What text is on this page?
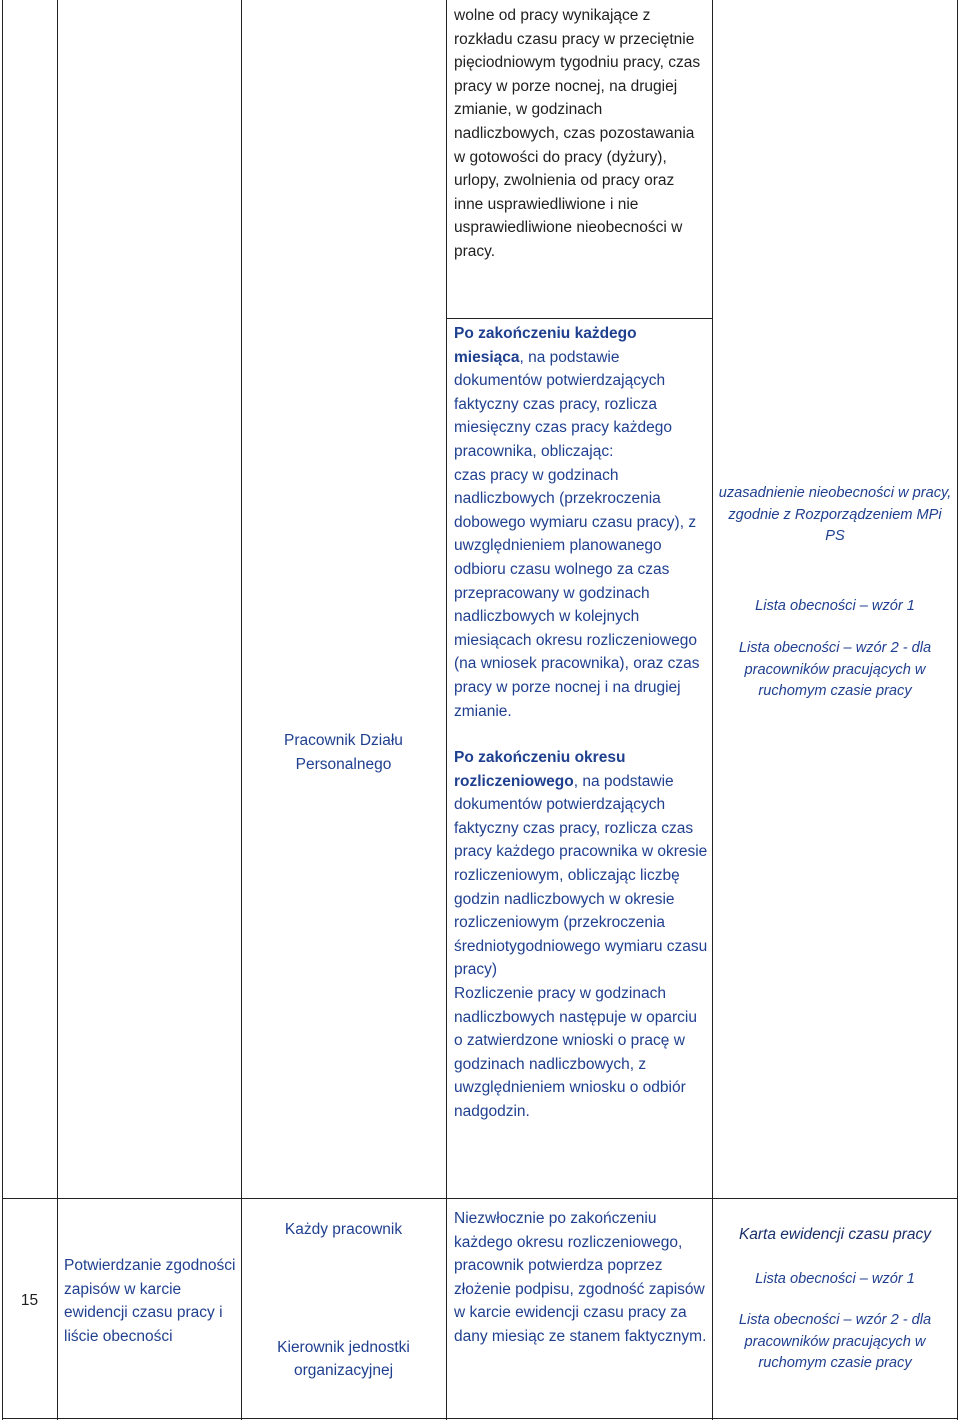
wolne od pracy wynikające z rozkładu czasu pracy w przeciętnie pięciodniowym tygodniu pracy, czas pracy w porze nocnej, na drugiej zmianie, w godzinach nadliczbowych, czas pozostawania w gotowości do pracy (dyżury), urlopy, zwolnienia od pracy oraz inne usprawiedliwione i nie usprawiedliwione nieobecności w pracy.

Pracownik Działu Personalnego

Po zakończeniu każdego miesiąca, na podstawie dokumentów potwierdzających faktyczny czas pracy, rozlicza miesięczny czas pracy każdego pracownika, obliczając:

czas pracy w godzinach nadliczbowych (przekroczenia dobowego wymiaru czasu pracy), z uwzględnieniem planowanego odbioru czasu wolnego za czas przepracowany w godzinach nadliczbowych w kolejnych miesiącach okresu rozliczeniowego (na wniosek pracownika), oraz czas pracy w porze nocnej i na drugiej zmianie.

Po zakończeniu okresu rozliczeniowego, na podstawie dokumentów potwierdzających faktyczny czas pracy, rozlicza czas pracy każdego pracownika w okresie rozliczeniowym, obliczając liczbę godzin nadliczbowych w okresie rozliczeniowym (przekroczenia średniotygodniowego wymiaru czasu pracy)

Rozliczenie pracy w godzinach nadliczbowych następuje w oparciu o zatwierdzone wnioski o pracę w godzinach nadliczbowych, z uwzględnieniem wniosku o odbiór nadgodzin.

uzasadnienie nieobecności w pracy, zgodnie z Rozporządzeniem MPi PS

Lista obecności – wzór 1

Lista obecności – wzór 2 - dla pracowników pracujących w ruchomym czasie pracy

15

Potwierdzanie zgodności zapisów w karcie ewidencji czasu pracy i liście obecności

Każdy pracownik

Kierownik jednostki organizacyjnej

Niezwłocznie po zakończeniu każdego okresu rozliczeniowego, pracownik potwierdza poprzez złożenie podpisu, zgodność zapisów w karcie ewidencji czasu pracy za dany miesiąc ze stanem faktycznym.

Karta ewidencji czasu pracy

Lista obecności – wzór 1

Lista obecności – wzór 2 - dla pracowników pracujących w ruchomym czasie pracy
